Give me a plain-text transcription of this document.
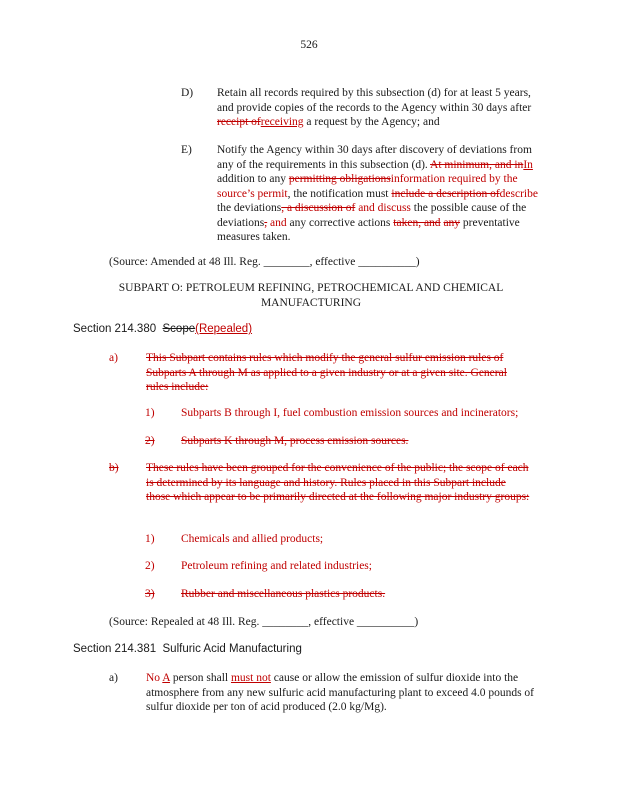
526
D) Retain all records required by this subsection (d) for at least 5 years, and provide copies of the records to the Agency within 30 days after receipt ofreceiving a request by the Agency; and
E) Notify the Agency within 30 days after discovery of deviations from any of the requirements in this subsection (d). At minimum, and inIn addition to any permitting obligationsinformation required by the source’s permit, the notification must include a description ofdescribe the deviations, a discussion of and discuss the possible cause of the deviations, and any corrective actions taken, and any preventative measures taken.
(Source: Amended at 48 Ill. Reg. ________, effective __________)
SUBPART O: PETROLEUM REFINING, PETROCHEMICAL AND CHEMICAL MANUFACTURING
Section 214.380 Scope(Repealed)
a) This Subpart contains rules which modify the general sulfur emission rules of Subparts A through M as applied to a given industry or at a given site. General rules include:
1) Subparts B through I, fuel combustion emission sources and incinerators;
2) Subparts K through M, process emission sources.
b) These rules have been grouped for the convenience of the public; the scope of each is determined by its language and history. Rules placed in this Subpart include those which appear to be primarily directed at the following major industry groups:
1) Chemicals and allied products;
2) Petroleum refining and related industries;
3) Rubber and miscellaneous plastics products.
(Source: Repealed at 48 Ill. Reg. ________, effective __________)
Section 214.381 Sulfuric Acid Manufacturing
a) No A person shall must not cause or allow the emission of sulfur dioxide into the atmosphere from any new sulfuric acid manufacturing plant to exceed 4.0 pounds of sulfur dioxide per ton of acid produced (2.0 kg/Mg).
